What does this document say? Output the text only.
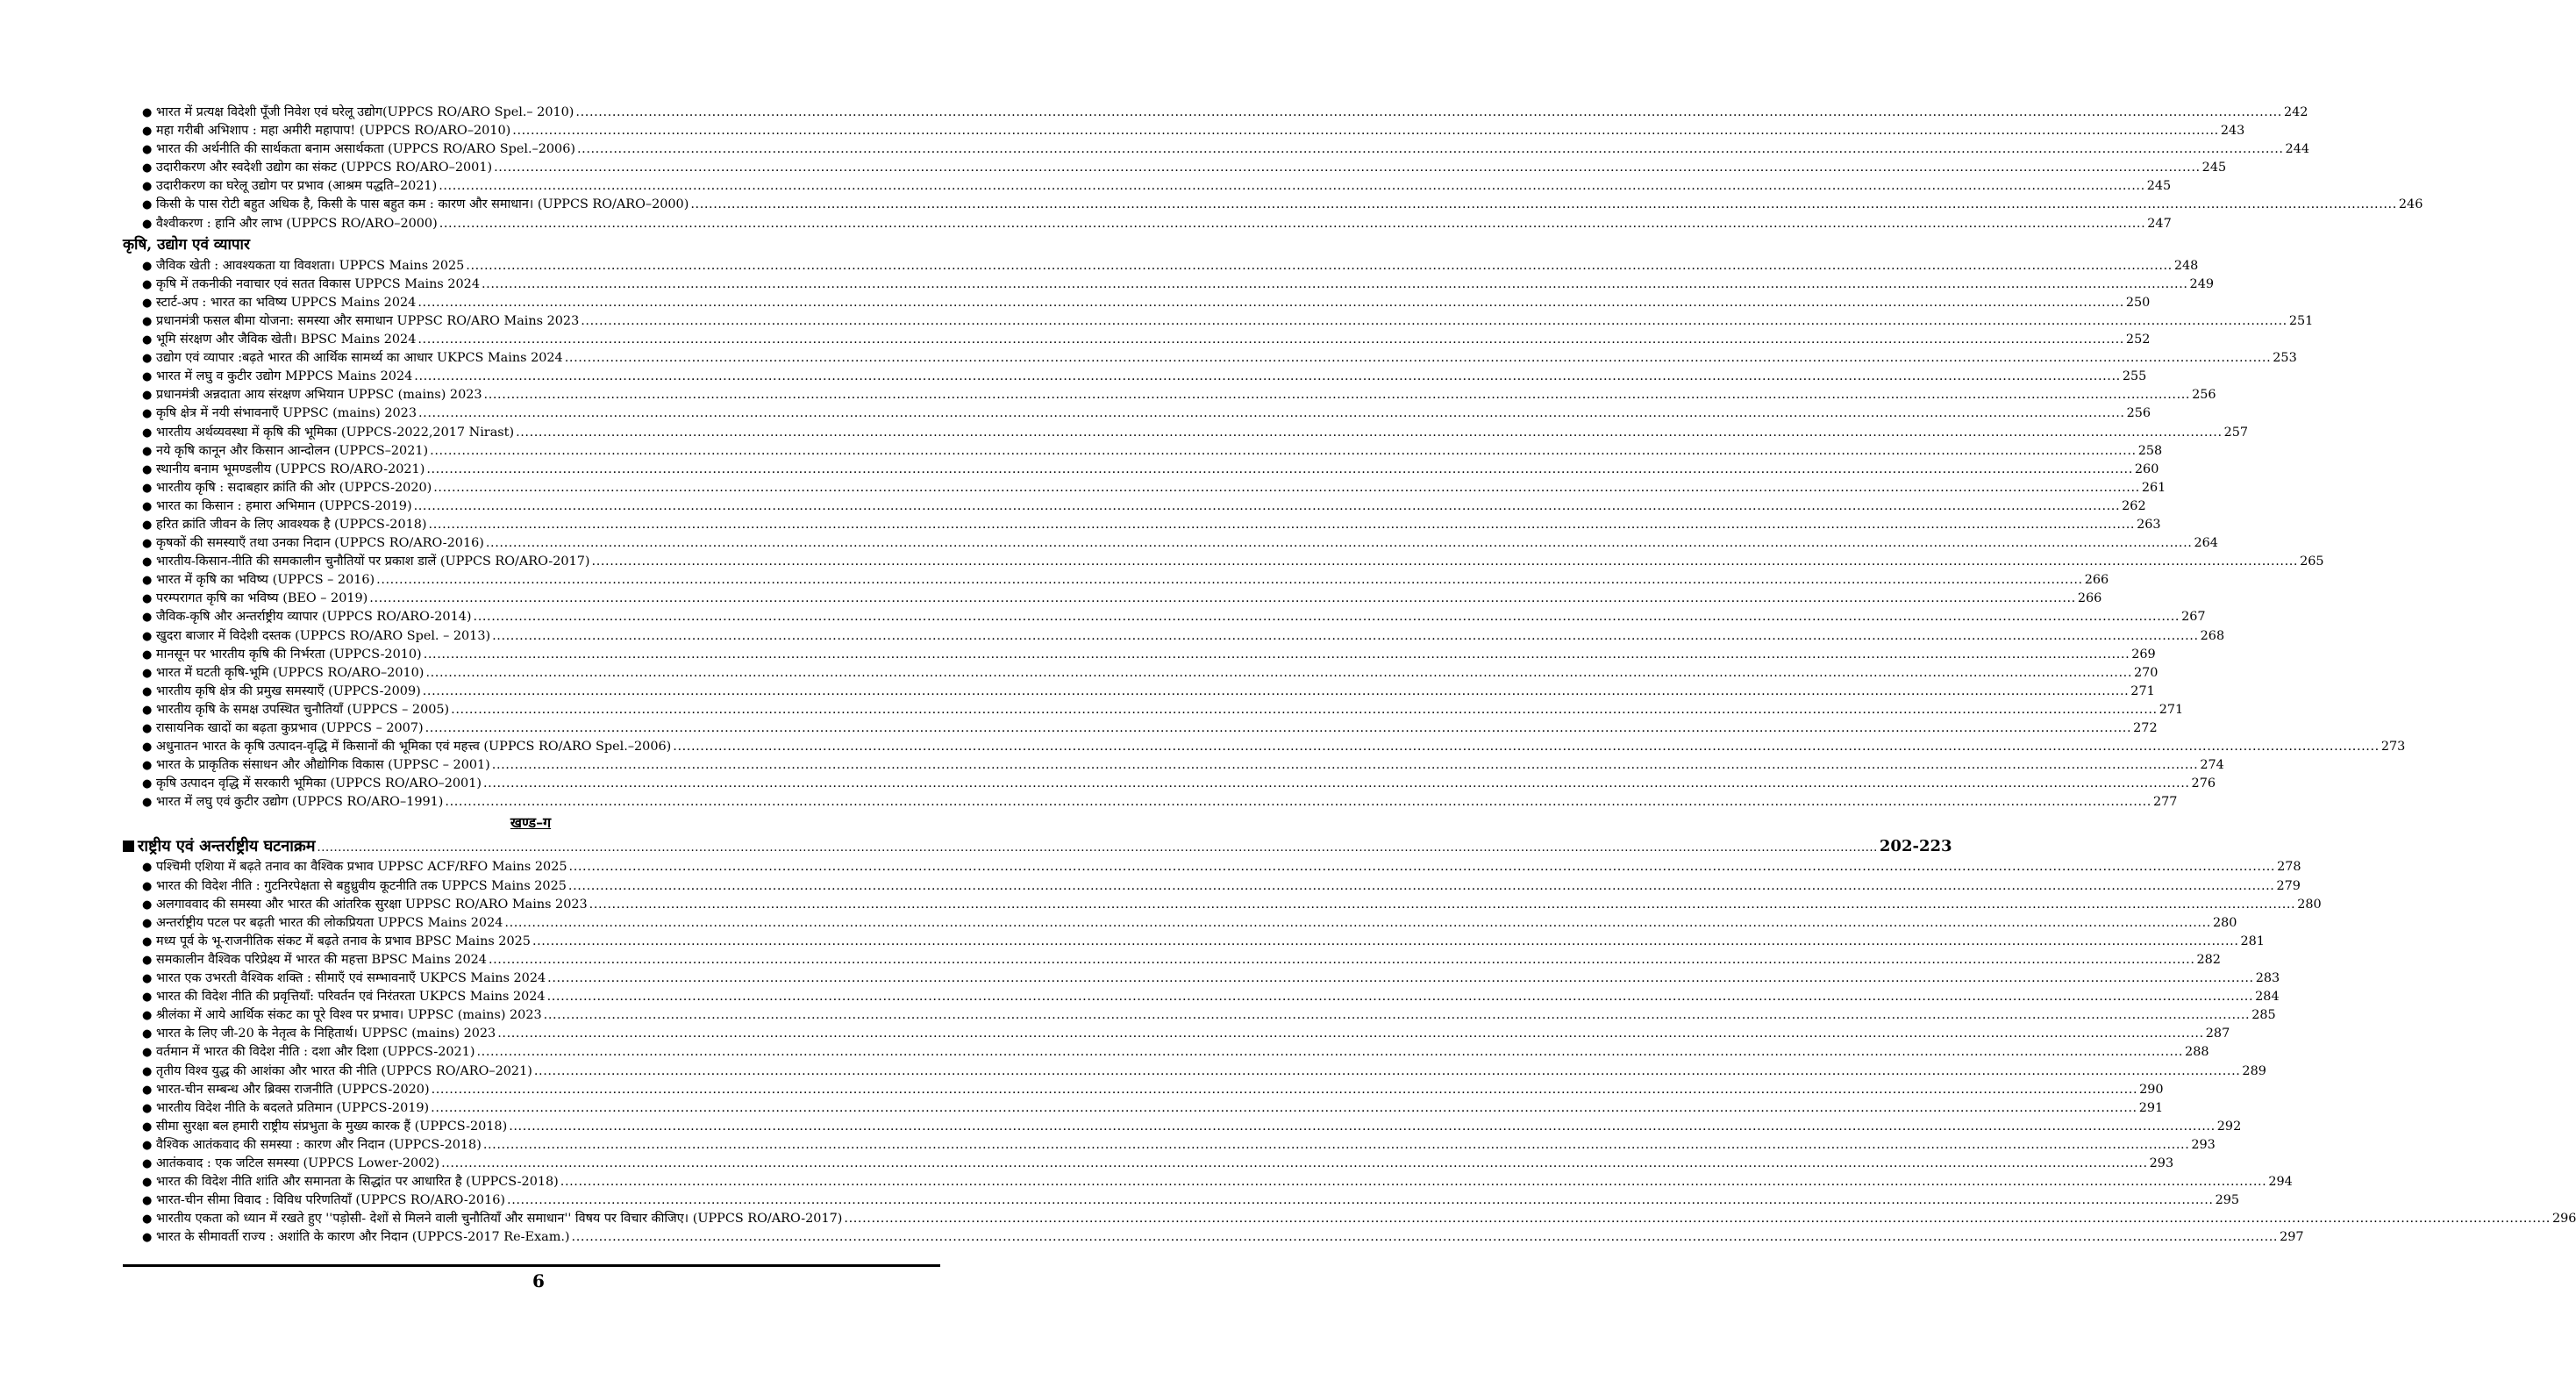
● भारत में प्रत्यक्ष विदेशी पूँजी निवेश एवं घरेलू उद्योग(UPPCS RO/ARO Spel.– 2010) .....	242
● महा गरीबी अभिशाप : महा अमीरी महापाप! (UPPCS RO/ARO–2010) .....	243
● भारत की अर्थनीति की सार्थकता बनाम असार्थकता (UPPCS RO/ARO Spel.–2006) .....	244
● उदारीकरण और स्वदेशी उद्योग का संकट (UPPCS RO/ARO–2001) .....	245
● उदारीकरण का घरेलू उद्योग पर प्रभाव (आश्रम पद्धति–2021) .....	245
● किसी के पास रोटी बहुत अधिक है, किसी के पास बहुत कम : कारण और समाधान। (UPPCS RO/ARO–2000) .....	246
● वैश्वीकरण : हानि और लाभ (UPPCS RO/ARO–2000) .....	247
कृषि, उद्योग एवं व्यापार
● जैविक खेती : आवश्यकता या विवशता। UPPCS Mains 2025 .....	248
● कृषि में तकनीकी नवाचार एवं सतत विकास UPPCS Mains 2024 .....	249
● स्टार्ट-अप : भारत का भविष्य UPPCS Mains 2024 .....	250
● प्रधानमंत्री फसल बीमा योजना: समस्या और समाधान UPPSC RO/ARO Mains 2023 .....	251
● भूमि संरक्षण और जैविक खेती। BPSC Mains 2024 .....	252
● उद्योग एवं व्यापार :बढ़ते भारत की आर्थिक सामर्थ्य का आधार UKPCS Mains 2024 .....	253
● भारत में लघु व कुटीर उद्योग MPPCS Mains 2024 .....	255
● प्रधानमंत्री अन्नदाता आय संरक्षण अभियान UPPSC (mains) 2023 .....	256
● कृषि क्षेत्र में नयी संभावनाएँ UPPSC (mains) 2023 .....	256
● भारतीय अर्थव्यवस्था में कृषि की भूमिका (UPPCS-2022,2017 Nirast) .....	257
● नये कृषि कानून और किसान आन्दोलन (UPPCS–2021) .....	258
● स्थानीय बनाम भूमण्डलीय (UPPCS RO/ARO-2021) .....	260
● भारतीय कृषि : सदाबहार क्रांति की ओर (UPPCS-2020) .....	261
● भारत का किसान : हमारा अभिमान (UPPCS-2019) .....	262
● हरित क्रांति जीवन के लिए आवश्यक है (UPPCS-2018) .....	263
● कृषकों की समस्याएँ तथा उनका निदान (UPPCS RO/ARO-2016) .....	264
● भारतीय-किसान-नीति की समकालीन चुनौतियों पर प्रकाश डालें (UPPCS RO/ARO-2017) .....	265
● भारत में कृषि का भविष्य (UPPCS – 2016) .....	266
● परम्परागत कृषि का भविष्य (BEO – 2019) .....	266
● जैविक-कृषि और अन्तर्राष्ट्रीय व्यापार (UPPCS RO/ARO-2014) .....	267
● खुदरा बाजार में विदेशी दस्तक (UPPCS RO/ARO Spel. – 2013) .....	268
● मानसून पर भारतीय कृषि की निर्भरता (UPPCS-2010) .....	269
● भारत में घटती कृषि-भूमि (UPPCS RO/ARO–2010) .....	270
● भारतीय कृषि क्षेत्र की प्रमुख समस्याएँ (UPPCS-2009) .....	271
● भारतीय कृषि के समक्ष उपस्थित चुनौतियाँ (UPPCS – 2005) .....	271
● रासायनिक खादों का बढ़ता कुप्रभाव (UPPCS – 2007) .....	272
● अधुनातन भारत के कृषि उत्पादन-वृद्धि में किसानों की भूमिका एवं महत्त्व (UPPCS RO/ARO Spel.–2006) .....	273
● भारत के प्राकृतिक संसाधन और औद्योगिक विकास (UPPSC – 2001) .....	274
● कृषि उत्पादन वृद्धि में सरकारी भूमिका (UPPCS RO/ARO–2001) .....	276
● भारत में लघु एवं कुटीर उद्योग (UPPCS RO/ARO–1991) .....	277
खण्ड–ग
राष्ट्रीय एवं अन्तर्राष्ट्रीय घटनाक्रम .....	202-223
● पश्चिमी एशिया में बढ़ते तनाव का वैश्विक प्रभाव UPPSC ACF/RFO Mains 2025 .....	278
● भारत की विदेश नीति : गुटनिरपेक्षता से बहुध्रुवीय कूटनीति तक UPPCS Mains 2025 .....	279
● अलगाववाद की समस्या और भारत की आंतरिक सुरक्षा UPPSC RO/ARO Mains 2023 .....	280
● अन्तर्राष्ट्रीय पटल पर बढ़ती भारत की लोकप्रियता UPPCS Mains 2024 .....	280
● मध्य पूर्व के भू-राजनीतिक संकट में बढ़ते तनाव के प्रभाव BPSC Mains 2025 .....	281
● समकालीन वैश्विक परिप्रेक्ष्य में भारत की महत्ता BPSC Mains 2024 .....	282
● भारत एक उभरती वैश्विक शक्ति : सीमाएँ एवं सम्भावनाएँ UKPCS Mains 2024 .....	283
● भारत की विदेश नीति की प्रवृत्तियाँ: परिवर्तन एवं निरंतरता UKPCS Mains 2024 .....	284
● श्रीलंका में आये आर्थिक संकट का पूरे विश्व पर प्रभाव। UPPSC (mains) 2023 .....	285
● भारत के लिए जी-20 के नेतृत्व के निहितार्थ। UPPSC (mains) 2023 .....	287
● वर्तमान में भारत की विदेश नीति : दशा और दिशा (UPPCS-2021) .....	288
● तृतीय विश्व युद्ध की आशंका और भारत की नीति (UPPCS RO/ARO–2021) .....	289
● भारत-चीन सम्बन्ध और ब्रिक्स राजनीति (UPPCS-2020) .....	290
● भारतीय विदेश नीति के बदलते प्रतिमान (UPPCS-2019) .....	291
● सीमा सुरक्षा बल हमारी राष्ट्रीय संप्रभुता के मुख्य कारक हैं (UPPCS-2018) .....	292
● वैश्विक आतंकवाद की समस्या : कारण और निदान (UPPCS-2018) .....	293
● आतंकवाद : एक जटिल समस्या (UPPCS Lower-2002) .....	293
● भारत की विदेश नीति शांति और समानता के सिद्धांत पर आधारित है (UPPCS-2018) .....	294
● भारत-चीन सीमा विवाद : विविध परिणतियाँ (UPPCS RO/ARO-2016) .....	295
● भारतीय एकता को ध्यान में रखते हुए ''पड़ोसी- देशों से मिलने वाली चुनौतियाँ और समाधान'' विषय पर विचार कीजिए। (UPPCS RO/ARO-2017) .....	296
● भारत के सीमावर्ती राज्य : अशांति के कारण और निदान (UPPCS-2017 Re-Exam.) .....	297
6
